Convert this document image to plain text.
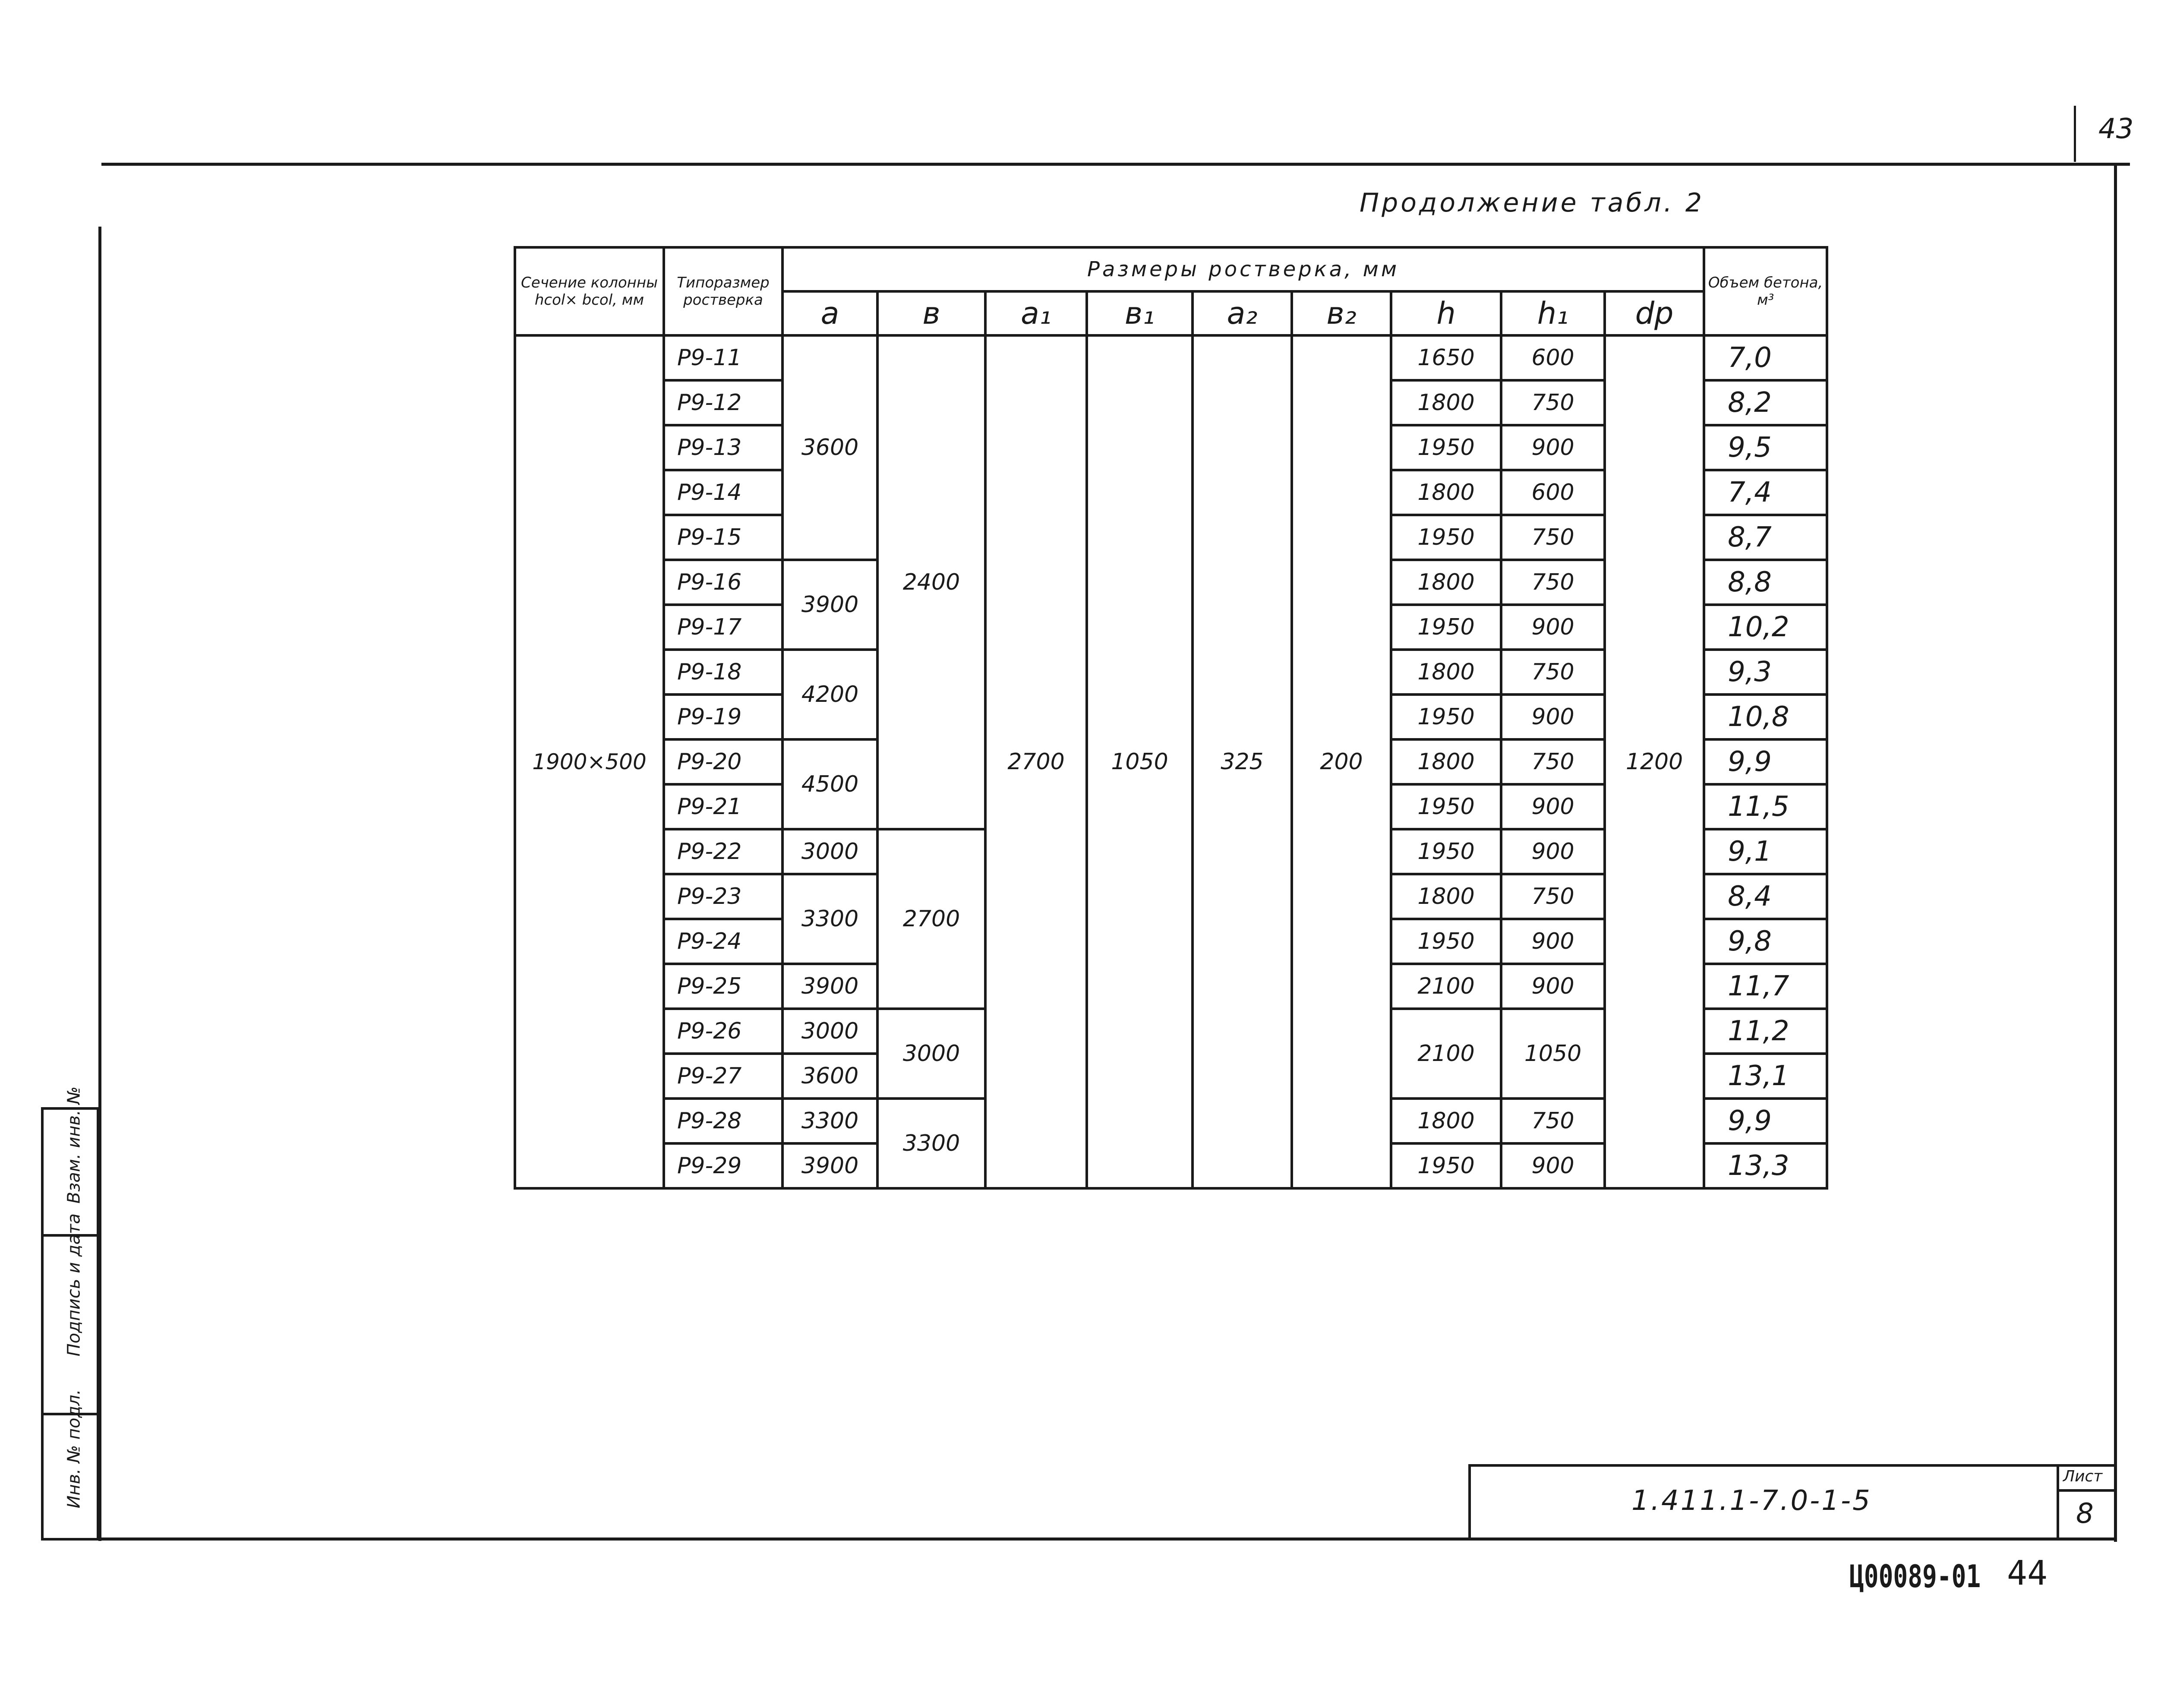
43
Продолжение табл. 2
Сечение колонны hcol× bcol, мм	Типоразмер ростверка	Размеры ростверка, мм									Объем бетона, м³
		a	в	a₁	в₁	a₂	в₂	h	h₁	dp	
1900×500	Р9-11	3600	2400	2700	1050	325	200	1650	600	1200	7,0
	Р9-12							1800	750		8,2
	Р9-13							1950	900		9,5
	Р9-14							1800	600		7,4
	Р9-15							1950	750		8,7
	Р9-16	3900						1800	750		8,8
	Р9-17							1950	900		10,2
	Р9-18	4200						1800	750		9,3
	Р9-19							1950	900		10,8
	Р9-20	4500						1800	750		9,9
	Р9-21							1950	900		11,5
	Р9-22	3000	2700					1950	900		9,1
	Р9-23	3300						1800	750		8,4
	Р9-24							1950	900		9,8
	Р9-25	3900						2100	900		11,7
	Р9-26	3000	3000					2100	1050		11,2
	Р9-27	3600									13,1
	Р9-28	3300	3300					1800	750		9,9
	Р9-29	3900						1950	900		13,3
Взам. инв. №
Подпись и дата
Инв. № подл.	1.411.1-7.0-1-5
Лист
8
Ц00089-01 44
